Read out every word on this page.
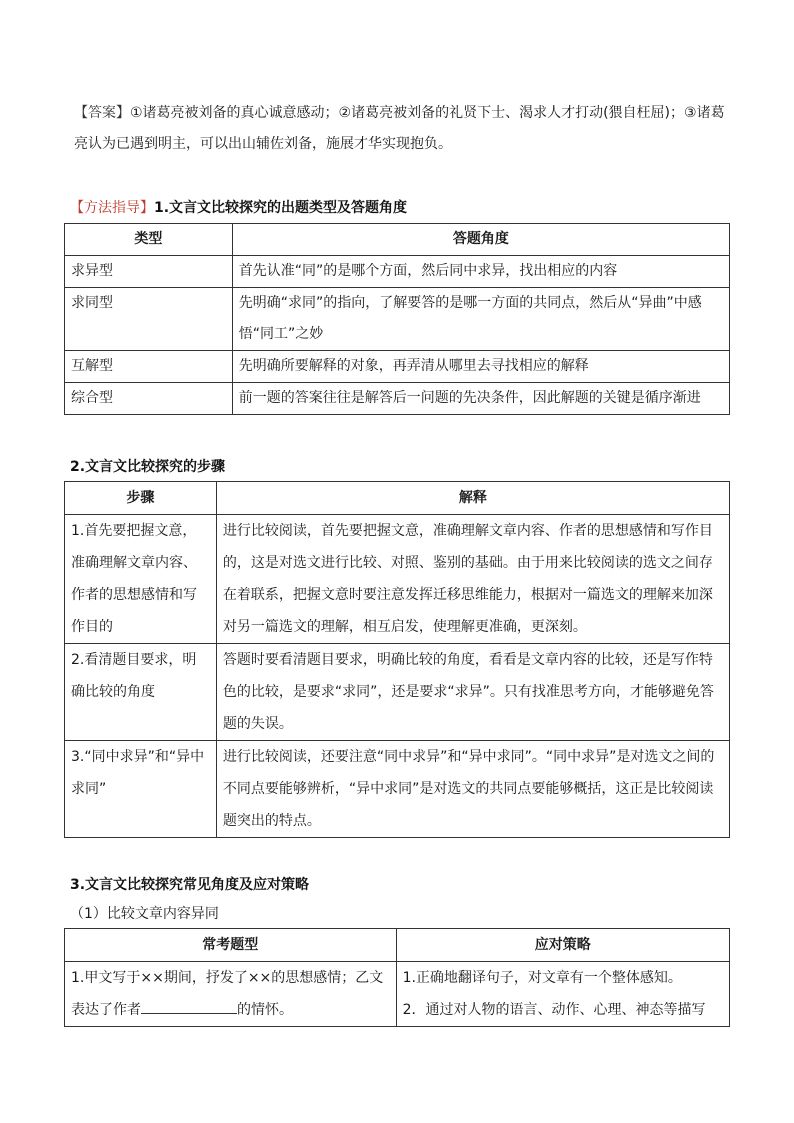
【答案】①诸葛亮被刘备的真心诚意感动；②诸葛亮被刘备的礼贤下士、渴求人才打动(猥自枉屈)；③诸葛亮认为已遇到明主，可以出山辅佐刘备，施展才华实现抱负。
【方法指导】1.文言文比较探究的出题类型及答题角度
类型	答题角度
求异型	首先认准“同”的是哪个方面，然后同中求异，找出相应的内容
求同型	先明确“求同”的指向，了解要答的是哪一方面的共同点，然后从“异曲”中感悟“同工”之妙
互解型	先明确所要解释的对象，再弄清从哪里去寻找相应的解释
综合型	前一题的答案往往是解答后一问题的先决条件，因此解题的关键是循序渐进
2.文言文比较探究的步骤
步骤	解释
1.首先要把握文意，准确理解文章内容、作者的思想感情和写作目的	进行比较阅读，首先要把握文意，准确理解文章内容、作者的思想感情和写作目的，这是对选文进行比较、对照、鉴别的基础。由于用来比较阅读的选文之间存在着联系，把握文意时要注意发挥迁移思维能力，根据对一篇选文的理解来加深对另一篇选文的理解，相互启发，使理解更准确，更深刻。
2.看清题目要求，明确比较的角度	答题时要看清题目要求，明确比较的角度，看看是文章内容的比较，还是写作特色的比较，是要求“求同”，还是要求“求异”。只有找准思考方向，才能够避免答题的失误。
3.“同中求异”和“异中求同”	进行比较阅读，还要注意“同中求异”和“异中求同”。“同中求异”是对选文之间的不同点要能够辨析，“异中求同”是对选文的共同点要能够概括，这正是比较阅读题突出的特点。
3.文言文比较探究常见角度及应对策略
（1）比较文章内容异同
常考题型	应对策略
1.甲文写于××期间，抒发了××的思想感情；乙文表达了作者 的情怀。	1.正确地翻译句子，对文章有一个整体感知。
2．通过对人物的语言、动作、心理、神态等描写
